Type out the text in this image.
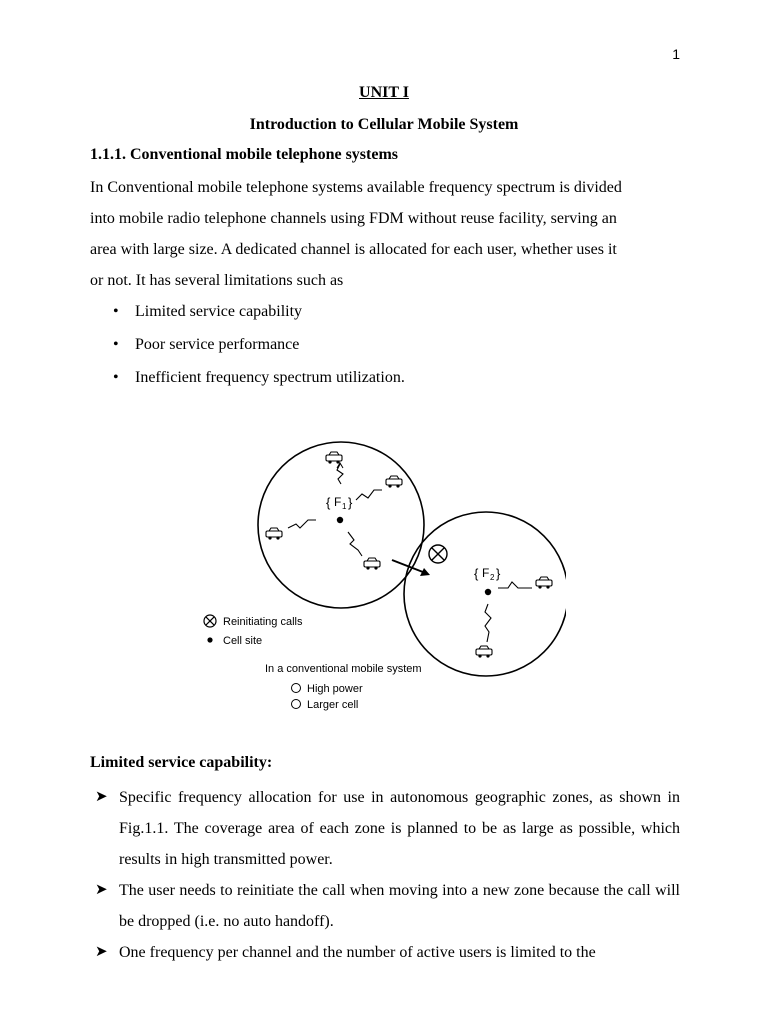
1
UNIT I
Introduction to Cellular Mobile System
1.1.1. Conventional mobile telephone systems
In Conventional mobile telephone systems available frequency spectrum is divided
into mobile radio telephone channels using FDM without reuse facility, serving an
area with large size. A dedicated channel is allocated for each user, whether uses it
or not. It has several limitations such as
• Limited service capability
• Poor service performance
• Inefficient frequency spectrum utilization.
{ F 1 }
{ F 2 }
Reinitiating calls
Cell site
In a conventional mobile system
High power
Larger cell
Limited service capability:
➤ Specific frequency allocation for use in autonomous geographic zones, as shown in Fig.1.1. The coverage area of each zone is planned to be as large as possible, which results in high transmitted power.
➤ The user needs to reinitiate the call when moving into a new zone because the call will be dropped (i.e. no auto handoff).
➤ One frequency per channel and the number of active users is limited to the
